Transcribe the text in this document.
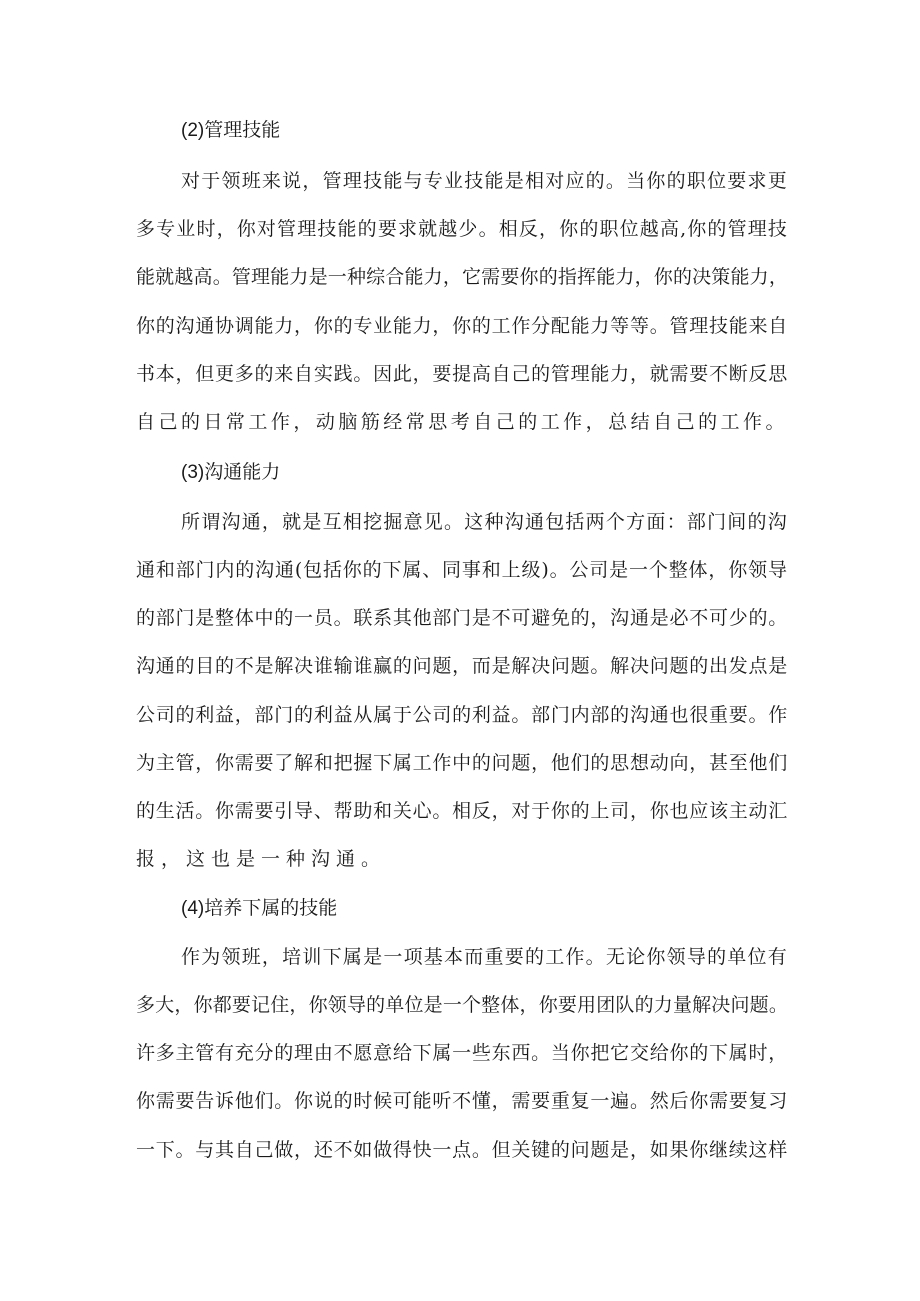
(2)管理技能
对于领班来说，管理技能与专业技能是相对应的。当你的职位要求更
多专业时，你对管理技能的要求就越少。相反，你的职位越高,你的管理技
能就越高。管理能力是一种综合能力，它需要你的指挥能力，你的决策能力，
你的沟通协调能力，你的专业能力，你的工作分配能力等等。管理技能来自
书本，但更多的来自实践。因此，要提高自己的管理能力，就需要不断反思
自己的日常工作，动脑筋经常思考自己的工作，总结自己的工作。
(3)沟通能力
所谓沟通，就是互相挖掘意见。这种沟通包括两个方面：部门间的沟
通和部门内的沟通(包括你的下属、同事和上级)。公司是一个整体，你领导
的部门是整体中的一员。联系其他部门是不可避免的，沟通是必不可少的。
沟通的目的不是解决谁输谁赢的问题，而是解决问题。解决问题的出发点是
公司的利益，部门的利益从属于公司的利益。部门内部的沟通也很重要。作
为主管，你需要了解和把握下属工作中的问题，他们的思想动向，甚至他们
的生活。你需要引导、帮助和关心。相反，对于你的上司，你也应该主动汇
报，这也是一种沟通。
(4)培养下属的技能
作为领班，培训下属是一项基本而重要的工作。无论你领导的单位有
多大，你都要记住，你领导的单位是一个整体，你要用团队的力量解决问题。
许多主管有充分的理由不愿意给下属一些东西。当你把它交给你的下属时，
你需要告诉他们。你说的时候可能听不懂，需要重复一遍。然后你需要复习
一下。与其自己做，还不如做得快一点。但关键的问题是，如果你继续这样
